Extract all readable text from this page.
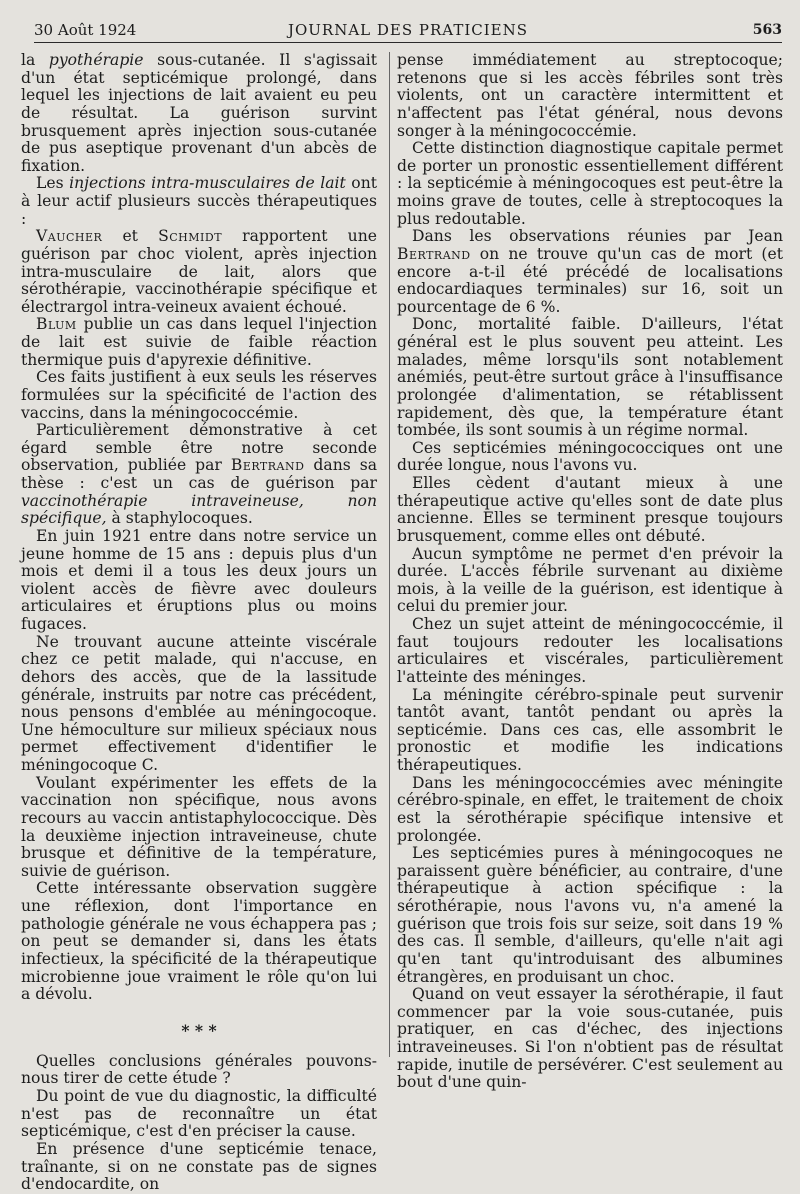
30 Août 1924	JOURNAL DES PRATICIENS	563

la pyothérapie sous-cutanée. Il s'agissait d'un état septicémique prolongé, dans lequel les injections de lait avaient eu peu de résultat. La guérison survint brusquement après injection sous-cutanée de pus aseptique provenant d'un abcès de fixation.

Les injections intra-musculaires de lait ont à leur actif plusieurs succès thérapeutiques :

Vaucher et Schmidt rapportent une guérison par choc violent, après injection intra-musculaire de lait, alors que sérothérapie, vaccinothérapie spécifique et électrargol intra-veineux avaient échoué.

Blum publie un cas dans lequel l'injection de lait est suivie de faible réaction thermique puis d'apyrexie définitive.

Ces faits justifient à eux seuls les réserves formulées sur la spécificité de l'action des vaccins, dans la méningococcémie.

Particulièrement démonstrative à cet égard semble être notre seconde observation, publiée par Bertrand dans sa thèse : c'est un cas de guérison par vaccinothérapie intraveineuse, non spécifique, à staphylocoques.

En juin 1921 entre dans notre service un jeune homme de 15 ans : depuis plus d'un mois et demi il a tous les deux jours un violent accès de fièvre avec douleurs articulaires et éruptions plus ou moins fugaces.

Ne trouvant aucune atteinte viscérale chez ce petit malade, qui n'accuse, en dehors des accès, que de la lassitude générale, instruits par notre cas précédent, nous pensons d'emblée au méningocoque. Une hémoculture sur milieux spéciaux nous permet effectivement d'identifier le méningocoque C.

Voulant expérimenter les effets de la vaccination non spécifique, nous avons recours au vaccin antistaphylococcique. Dès la deuxième injection intraveineuse, chute brusque et définitive de la température, suivie de guérison.

Cette intéressante observation suggère une réflexion, dont l'importance en pathologie générale ne vous échappera pas ; on peut se demander si, dans les états infectieux, la spécificité de la thérapeutique microbienne joue vraiment le rôle qu'on lui a dévolu.

* * *

Quelles conclusions générales pouvons-nous tirer de cette étude ?

Du point de vue du diagnostic, la difficulté n'est pas de reconnaître un état septicémique, c'est d'en préciser la cause.

En présence d'une septicémie tenace, traînante, si on ne constate pas de signes d'endocardite, on

pense immédiatement au streptocoque; retenons que si les accès fébriles sont très violents, ont un caractère intermittent et n'affectent pas l'état général, nous devons songer à la méningococcémie.

Cette distinction diagnostique capitale permet de porter un pronostic essentiellement différent : la septicémie à méningocoques est peut-être la moins grave de toutes, celle à streptocoques la plus redoutable.

Dans les observations réunies par Jean Bertrand on ne trouve qu'un cas de mort (et encore a-t-il été précédé de localisations endocardiaques terminales) sur 16, soit un pourcentage de 6 %.

Donc, mortalité faible. D'ailleurs, l'état général est le plus souvent peu atteint. Les malades, même lorsqu'ils sont notablement anémiés, peut-être surtout grâce à l'insuffisance prolongée d'alimentation, se rétablissent rapidement, dès que, la température étant tombée, ils sont soumis à un régime normal.

Ces septicémies méningococciques ont une durée longue, nous l'avons vu.

Elles cèdent d'autant mieux à une thérapeutique active qu'elles sont de date plus ancienne. Elles se terminent presque toujours brusquement, comme elles ont débuté.

Aucun symptôme ne permet d'en prévoir la durée. L'accès fébrile survenant au dixième mois, à la veille de la guérison, est identique à celui du premier jour.

Chez un sujet atteint de méningococcémie, il faut toujours redouter les localisations articulaires et viscérales, particulièrement l'atteinte des méninges.

La méningite cérébro-spinale peut survenir tantôt avant, tantôt pendant ou après la septicémie. Dans ces cas, elle assombrit le pronostic et modifie les indications thérapeutiques.

Dans les méningococcémies avec méningite cérébro-spinale, en effet, le traitement de choix est la sérothérapie spécifique intensive et prolongée.

Les septicémies pures à méningocoques ne paraissent guère bénéficier, au contraire, d'une thérapeutique à action spécifique : la sérothérapie, nous l'avons vu, n'a amené la guérison que trois fois sur seize, soit dans 19 % des cas. Il semble, d'ailleurs, qu'elle n'ait agi qu'en tant qu'introduisant des albumines étrangères, en produisant un choc.

Quand on veut essayer la sérothérapie, il faut commencer par la voie sous-cutanée, puis pratiquer, en cas d'échec, des injections intraveineuses. Si l'on n'obtient pas de résultat rapide, inutile de persévérer. C'est seulement au bout d'une quin-
